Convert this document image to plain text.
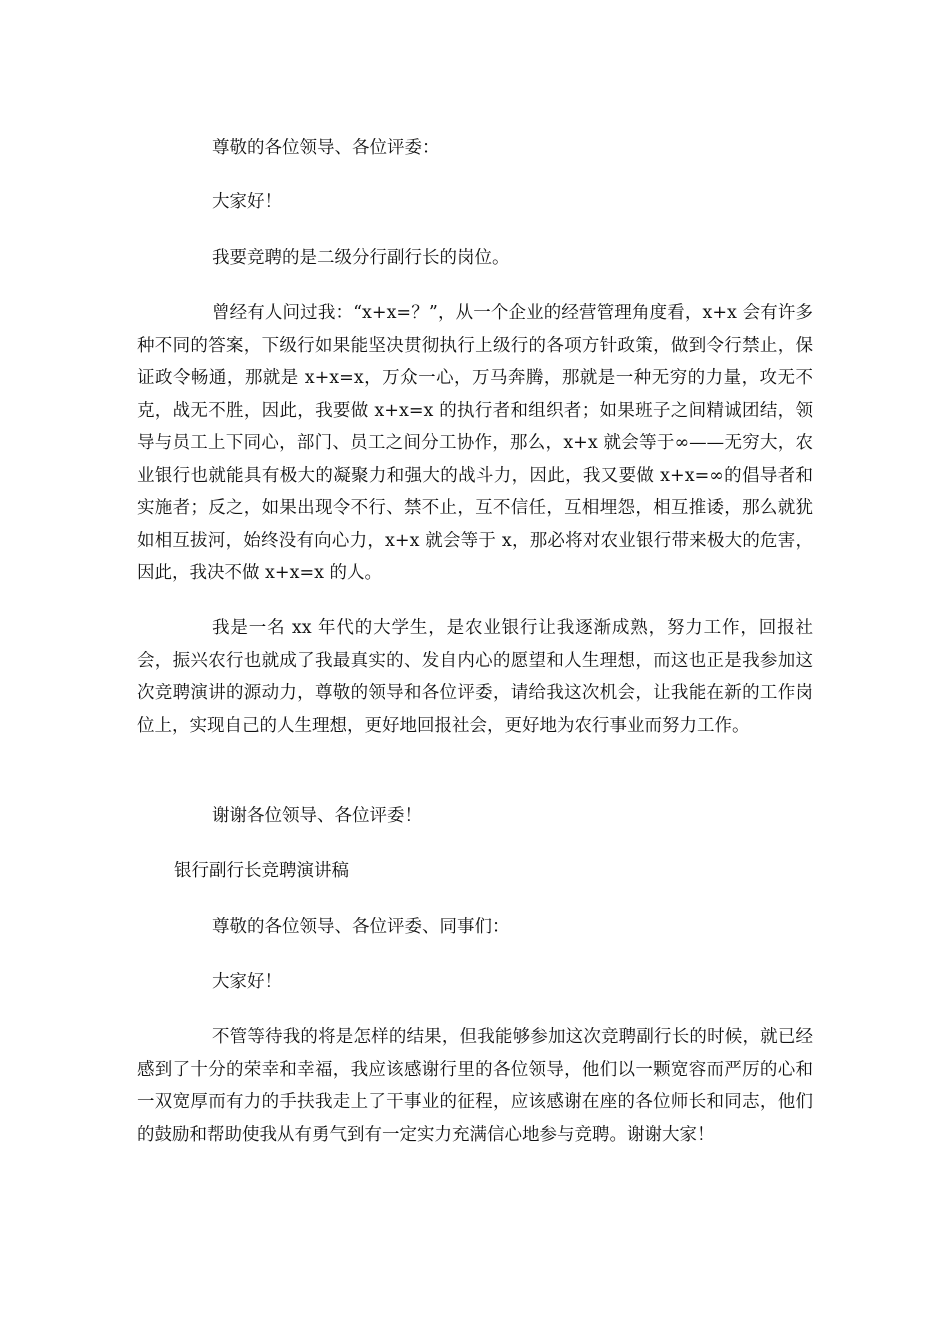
尊敬的各位领导、各位评委：

大家好！

我要竞聘的是二级分行副行长的岗位。

曾经有人问过我：“x+x=？”，从一个企业的经营管理角度看，x+x 会有许多种不同的答案，下级行如果能坚决贯彻执行上级行的各项方针政策，做到令行禁止，保证政令畅通，那就是 x+x=x，万众一心，万马奔腾，那就是一种无穷的力量，攻无不克，战无不胜，因此，我要做 x+x=x 的执行者和组织者；如果班子之间精诚团结，领导与员工上下同心，部门、员工之间分工协作，那么，x+x 就会等于∞——无穷大，农业银行也就能具有极大的凝聚力和强大的战斗力，因此，我又要做 x+x=∞的倡导者和实施者；反之，如果出现令不行、禁不止，互不信任，互相埋怨，相互推诿，那么就犹如相互拔河，始终没有向心力，x+x 就会等于 x，那必将对农业银行带来极大的危害，因此，我决不做 x+x=x 的人。

我是一名 xx 年代的大学生，是农业银行让我逐渐成熟，努力工作，回报社会，振兴农行也就成了我最真实的、发自内心的愿望和人生理想，而这也正是我参加这次竞聘演讲的源动力，尊敬的领导和各位评委，请给我这次机会，让我能在新的工作岗位上，实现自己的人生理想，更好地回报社会，更好地为农行事业而努力工作。

谢谢各位领导、各位评委！

银行副行长竞聘演讲稿

尊敬的各位领导、各位评委、同事们：

大家好！

不管等待我的将是怎样的结果，但我能够参加这次竞聘副行长的时候，就已经感到了十分的荣幸和幸福，我应该感谢行里的各位领导，他们以一颗宽容而严厉的心和一双宽厚而有力的手扶我走上了干事业的征程，应该感谢在座的各位师长和同志，他们的鼓励和帮助使我从有勇气到有一定实力充满信心地参与竞聘。谢谢大家！
